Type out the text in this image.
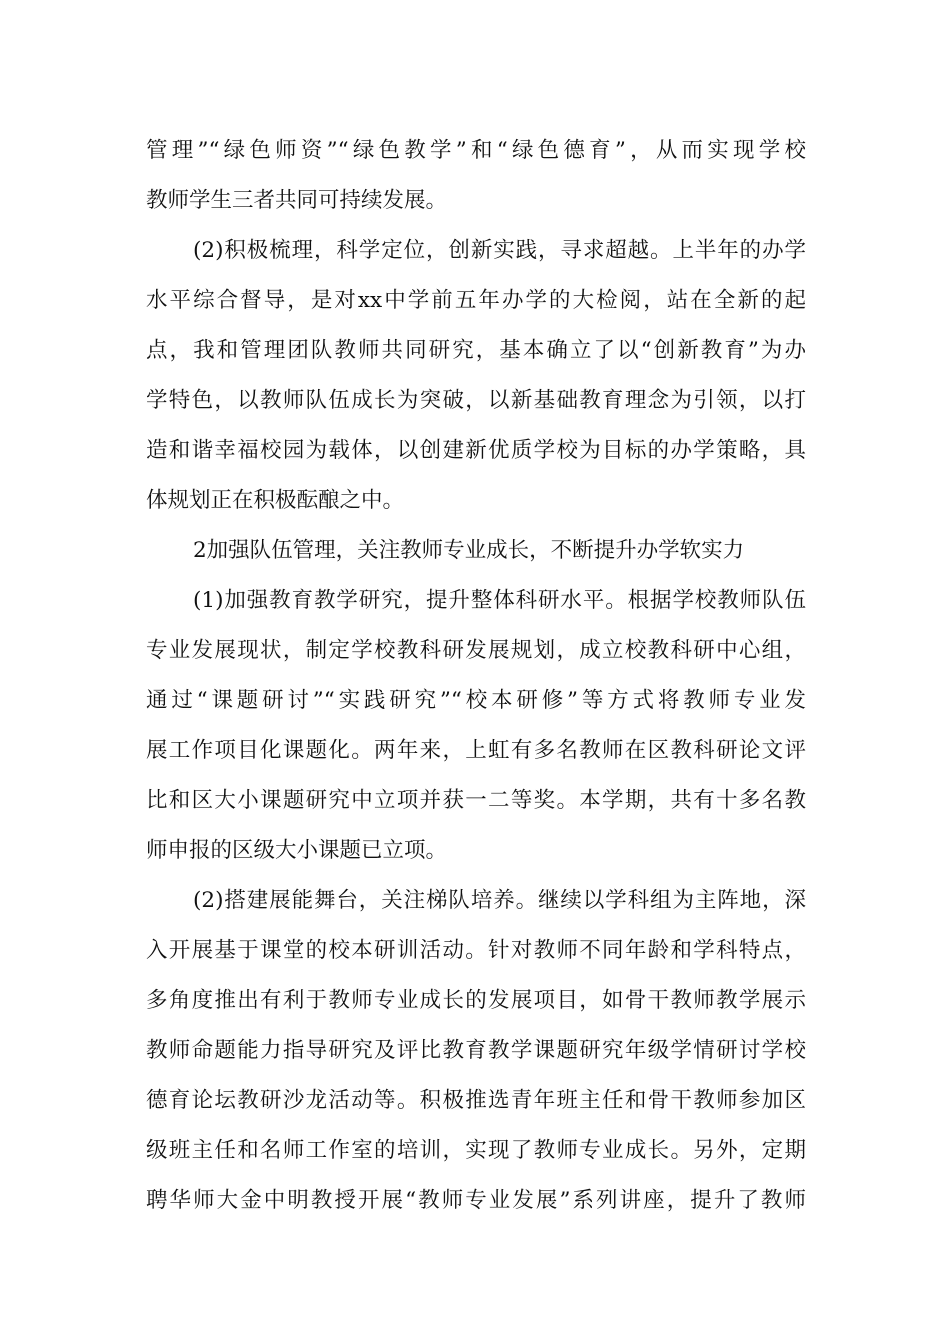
管理”“绿色师资”“绿色教学”和“绿色德育”，从而实现学校
教师学生三者共同可持续发展。
(2)积极梳理，科学定位，创新实践，寻求超越。上半年的办学
水平综合督导，是对xx中学前五年办学的大检阅，站在全新的起
点，我和管理团队教师共同研究，基本确立了以“创新教育”为办
学特色，以教师队伍成长为突破，以新基础教育理念为引领，以打
造和谐幸福校园为载体，以创建新优质学校为目标的办学策略，具
体规划正在积极酝酿之中。
2加强队伍管理，关注教师专业成长，不断提升办学软实力
(1)加强教育教学研究，提升整体科研水平。根据学校教师队伍
专业发展现状，制定学校教科研发展规划，成立校教科研中心组，
通过“课题研讨”“实践研究”“校本研修”等方式将教师专业发
展工作项目化课题化。两年来，上虹有多名教师在区教科研论文评
比和区大小课题研究中立项并获一二等奖。本学期，共有十多名教
师申报的区级大小课题已立项。
(2)搭建展能舞台，关注梯队培养。继续以学科组为主阵地，深
入开展基于课堂的校本研训活动。针对教师不同年龄和学科特点，
多角度推出有利于教师专业成长的发展项目，如骨干教师教学展示
教师命题能力指导研究及评比教育教学课题研究年级学情研讨学校
德育论坛教研沙龙活动等。积极推选青年班主任和骨干教师参加区
级班主任和名师工作室的培训，实现了教师专业成长。另外，定期
聘华师大金中明教授开展“教师专业发展”系列讲座，提升了教师
